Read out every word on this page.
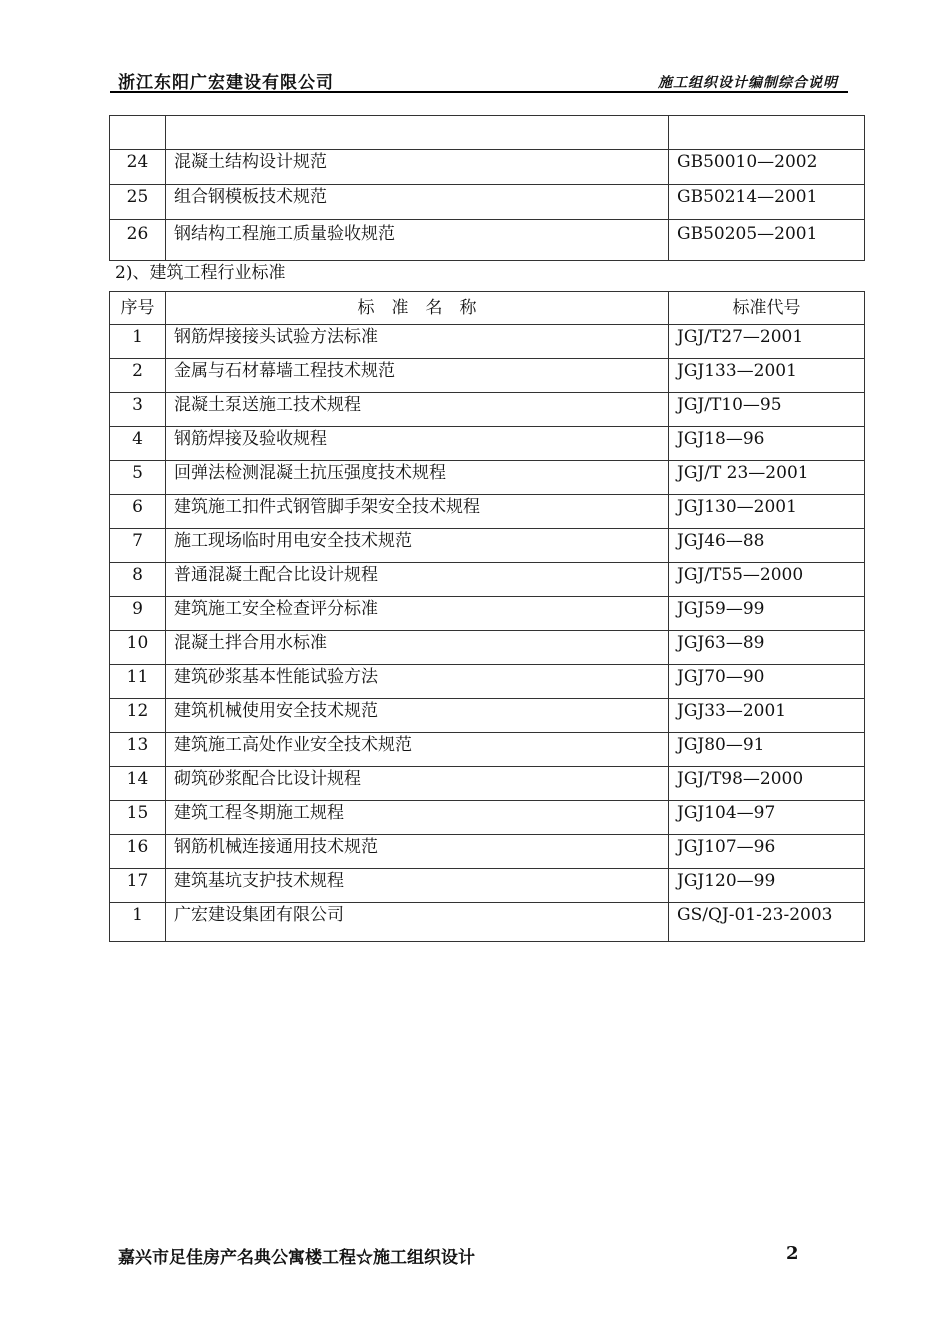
浙江东阳广宏建设有限公司	施工组织设计编制综合说明

24	混凝土结构设计规范	GB50010—2002
25	组合钢模板技术规范	GB50214—2001
26	钢结构工程施工质量验收规范	GB50205—2001
2)、建筑工程行业标准
序号	标　准　名　称	标准代号
1	钢筋焊接接头试验方法标准	JGJ/T27—2001
2	金属与石材幕墙工程技术规范	JGJ133—2001
3	混凝土泵送施工技术规程	JGJ/T10—95
4	钢筋焊接及验收规程	JGJ18—96
5	回弹法检测混凝土抗压强度技术规程	JGJ/T 23—2001
6	建筑施工扣件式钢管脚手架安全技术规程	JGJ130—2001
7	施工现场临时用电安全技术规范	JGJ46—88
8	普通混凝土配合比设计规程	JGJ/T55—2000
9	建筑施工安全检查评分标准	JGJ59—99
10	混凝土拌合用水标准	JGJ63—89
11	建筑砂浆基本性能试验方法	JGJ70—90
12	建筑机械使用安全技术规范	JGJ33—2001
13	建筑施工高处作业安全技术规范	JGJ80—91
14	砌筑砂浆配合比设计规程	JGJ/T98—2000
15	建筑工程冬期施工规程	JGJ104—97
16	钢筋机械连接通用技术规范	JGJ107—96
17	建筑基坑支护技术规程	JGJ120—99
1	广宏建设集团有限公司	GS/QJ-01-23-2003
嘉兴市足佳房产名典公寓楼工程☆施工组织设计	2
